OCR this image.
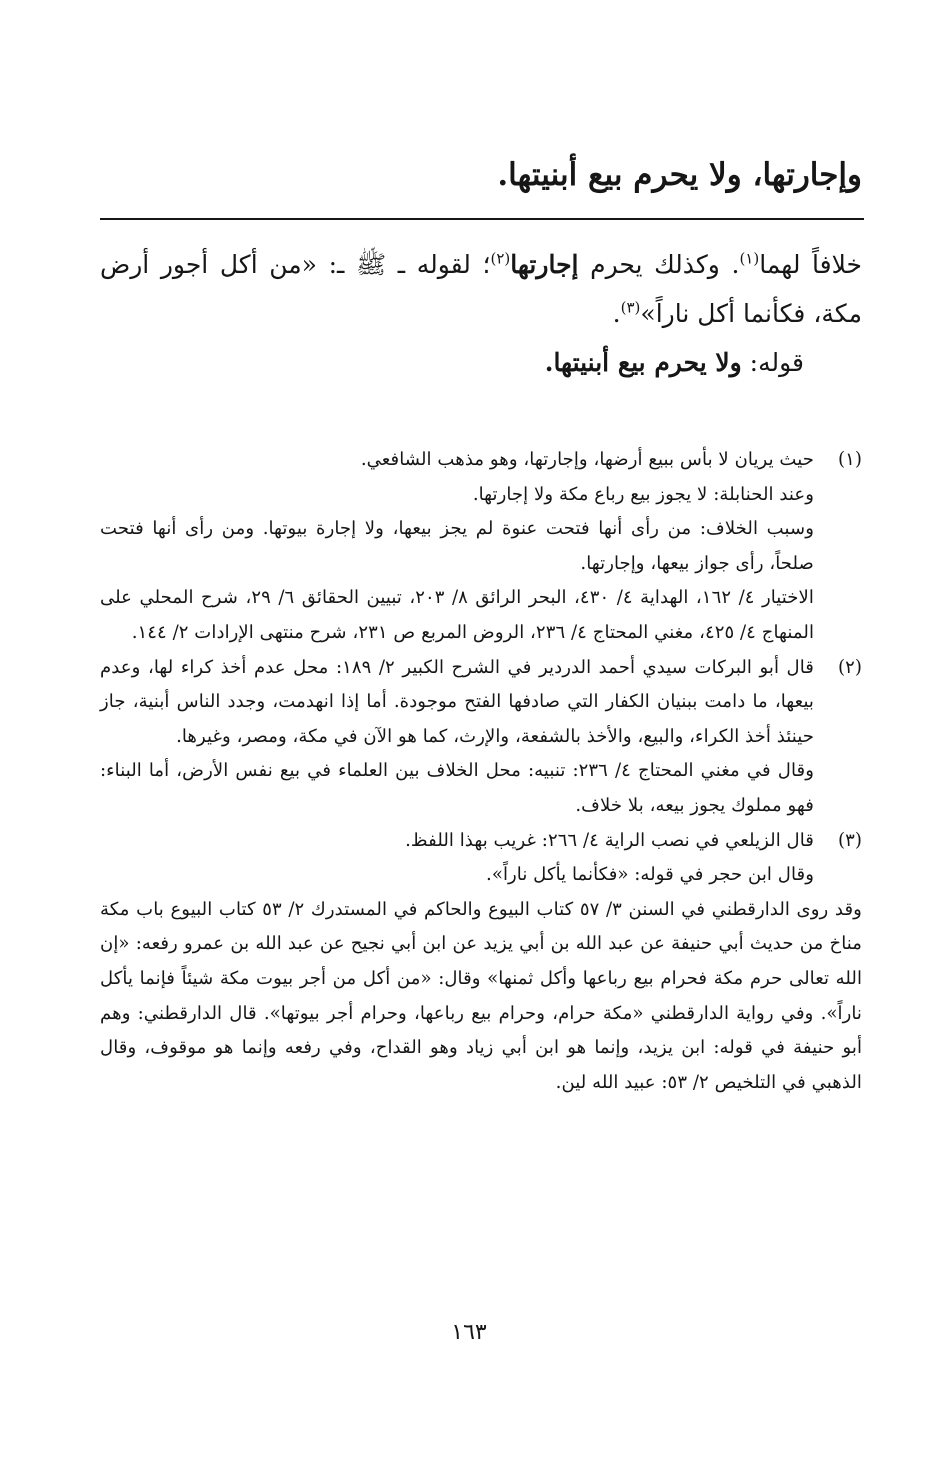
وإجارتها، ولا يحرم بيع أبنيتها.

خلافاً لهما$^{(١)}$. وكذلك يحرم إجارتها$^{(٢)}$؛ لقوله ـ ﷺ ـ: «من أكل أجور أرض مكة، فكأنما أكل ناراً»$^{(٣)}$.

قوله: ولا يحرم بيع أبنيتها.

(١)

حيث يريان لا بأس ببيع أرضها، وإجارتها، وهو مذهب الشافعي.

وعند الحنابلة: لا يجوز بيع رباع مكة ولا إجارتها.

وسبب الخلاف: من رأى أنها فتحت عنوة لم يجز بيعها، ولا إجارة بيوتها. ومن رأى أنها فتحت صلحاً، رأى جواز بيعها، وإجارتها.

الاختيار ٤/ ١٦٢، الهداية ٤/ ٤٣٠، البحر الرائق ٨/ ٢٠٣، تبيين الحقائق ٦/ ٢٩، شرح المحلي على المنهاج ٤/ ٤٢٥، مغني المحتاج ٤/ ٢٣٦، الروض المربع ص ٢٣١، شرح منتهى الإرادات ٢/ ١٤٤.

(٢)

قال أبو البركات سيدي أحمد الدردير في الشرح الكبير ٢/ ١٨٩: محل عدم أخذ كراء لها، وعدم بيعها، ما دامت ببنيان الكفار التي صادفها الفتح موجودة. أما إذا انهدمت، وجدد الناس أبنية، جاز حينئذ أخذ الكراء، والبيع، والأخذ بالشفعة، والإرث، كما هو الآن في مكة، ومصر، وغيرها.

وقال في مغني المحتاج ٤/ ٢٣٦: تنبيه: محل الخلاف بين العلماء في بيع نفس الأرض، أما البناء: فهو مملوك يجوز بيعه، بلا خلاف.

(٣)

قال الزيلعي في نصب الراية ٤/ ٢٦٦: غريب بهذا اللفظ.

وقال ابن حجر في قوله: «فكأنما يأكل ناراً».

وقد روى الدارقطني في السنن ٣/ ٥٧ كتاب البيوع والحاكم في المستدرك ٢/ ٥٣ كتاب البيوع باب مكة مناخ من حديث أبي حنيفة عن عبد الله بن أبي يزيد عن ابن أبي نجيح عن عبد الله بن عمرو رفعه: «إن الله تعالى حرم مكة فحرام بيع رباعها وأكل ثمنها» وقال: «من أكل من أجر بيوت مكة شيئاً فإنما يأكل ناراً». وفي رواية الدارقطني «مكة حرام، وحرام بيع رباعها، وحرام أجر بيوتها». قال الدارقطني: وهم أبو حنيفة في قوله: ابن يزيد، وإنما هو ابن أبي زياد وهو القداح، وفي رفعه وإنما هو موقوف، وقال الذهبي في التلخيص ٢/ ٥٣: عبيد الله لين.

١٦٣
